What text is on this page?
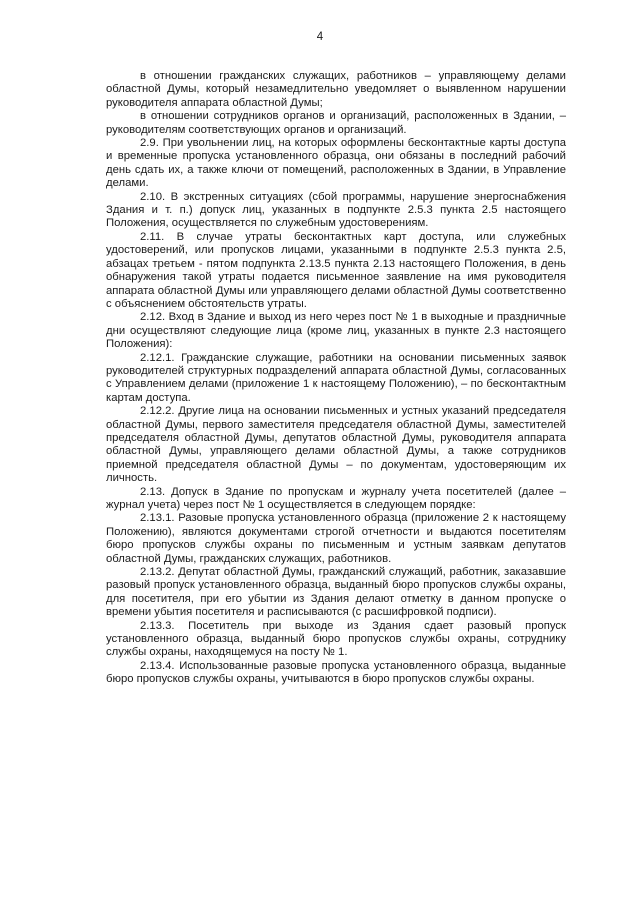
4

в отношении гражданских служащих, работников – управляющему делами областной Думы, который незамедлительно уведомляет о выявленном нарушении руководителя аппарата областной Думы;

в отношении сотрудников органов и организаций, расположенных в Здании, – руководителям соответствующих органов и организаций.

2.9. При увольнении лиц, на которых оформлены бесконтактные карты доступа и временные пропуска установленного образца, они обязаны в последний рабочий день сдать их, а также ключи от помещений, расположенных в Здании, в Управление делами.

2.10. В экстренных ситуациях (сбой программы, нарушение энергоснабжения Здания и т. п.) допуск лиц, указанных в подпункте 2.5.3 пункта 2.5 настоящего Положения, осуществляется по служебным удостоверениям.

2.11. В случае утраты бесконтактных карт доступа, или служебных удостоверений, или пропусков лицами, указанными в подпункте 2.5.3 пункта 2.5, абзацах третьем - пятом подпункта 2.13.5 пункта 2.13 настоящего Положения, в день обнаружения такой утраты подается письменное заявление на имя руководителя аппарата областной Думы или управляющего делами областной Думы соответственно с объяснением обстоятельств утраты.

2.12. Вход в Здание и выход из него через пост № 1 в выходные и праздничные дни осуществляют следующие лица (кроме лиц, указанных в пункте 2.3 настоящего Положения):

2.12.1. Гражданские служащие, работники на основании письменных заявок руководителей структурных подразделений аппарата областной Думы, согласованных с Управлением делами (приложение 1 к настоящему Положению), – по бесконтактным картам доступа.

2.12.2. Другие лица на основании письменных и устных указаний председателя областной Думы, первого заместителя председателя областной Думы, заместителей председателя областной Думы, депутатов областной Думы, руководителя аппарата областной Думы, управляющего делами областной Думы, а также сотрудников приемной председателя областной Думы – по документам, удостоверяющим их личность.

2.13. Допуск в Здание по пропускам и журналу учета посетителей (далее – журнал учета) через пост № 1 осуществляется в следующем порядке:

2.13.1. Разовые пропуска установленного образца (приложение 2 к настоящему Положению), являются документами строгой отчетности и выдаются посетителям бюро пропусков службы охраны по письменным и устным заявкам депутатов областной Думы, гражданских служащих, работников.

2.13.2. Депутат областной Думы, гражданский служащий, работник, заказавшие разовый пропуск установленного образца, выданный бюро пропусков службы охраны, для посетителя, при его убытии из Здания делают отметку в данном пропуске о времени убытия посетителя и расписываются (с расшифровкой подписи).

2.13.3. Посетитель при выходе из Здания сдает разовый пропуск установленного образца, выданный бюро пропусков службы охраны, сотруднику службы охраны, находящемуся на посту № 1.

2.13.4. Использованные разовые пропуска установленного образца, выданные бюро пропусков службы охраны, учитываются в бюро пропусков службы охраны.
